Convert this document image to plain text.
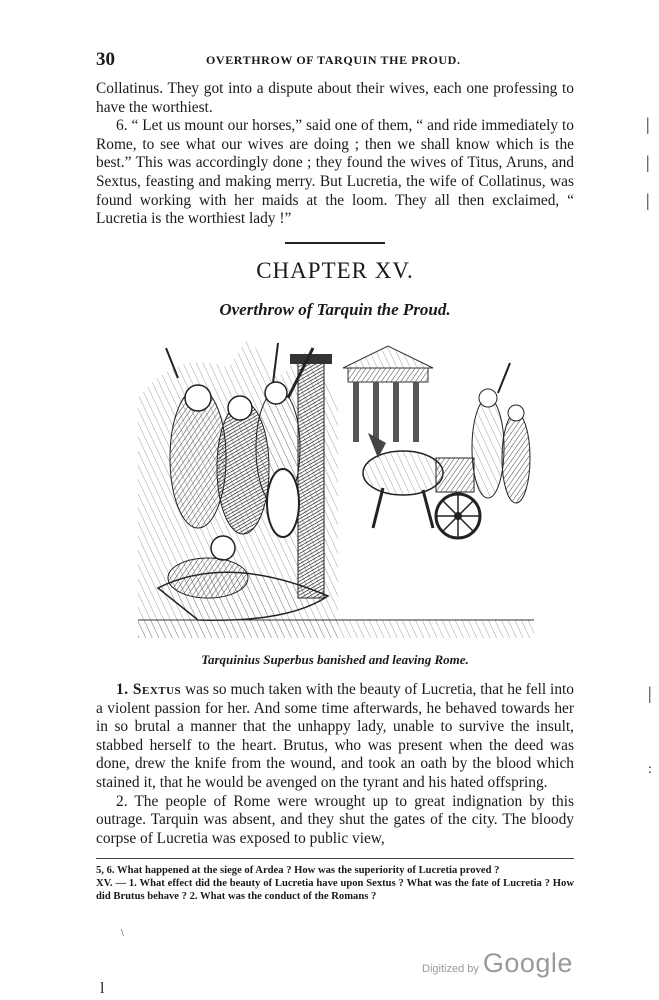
30	OVERTHROW OF TARQUIN THE PROUD.

Collatinus. They got into a dispute about their wives, each one professing to have the worthiest.

6. “ Let us mount our horses,” said one of them, “ and ride immediately to Rome, to see what our wives are doing ; then we shall know which is the best.” This was accordingly done ; they found the wives of Titus, Aruns, and Sextus, feasting and making merry. But Lucretia, the wife of Collatinus, was found working with her maids at the loom. They all then exclaimed, “ Lucretia is the worthiest lady !”

CHAPTER XV.
Overthrow of Tarquin the Proud.
Tarquinius Superbus banished and leaving Rome.

1. Sextus was so much taken with the beauty of Lucretia, that he fell into a violent passion for her. And some time afterwards, he behaved towards her in so brutal a manner that the unhappy lady, unable to survive the insult, stabbed herself to the heart. Brutus, who was present when the deed was done, drew the knife from the wound, and took an oath by the blood which stained it, that he would be avenged on the tyrant and his hated offspring.

2. The people of Rome were wrought up to great indignation by this outrage. Tarquin was absent, and they shut the gates of the city. The bloody corpse of Lucretia was exposed to public view,

5, 6. What happened at the siege of Ardea ? How was the superiority of Lucretia proved ?

XV. — 1. What effect did the beauty of Lucretia have upon Sextus ? What was the fate of Lucretia ? How did Brutus behave ? 2. What was the conduct of the Romans ?

|
|
|
|
:
\
l
Digitized by Google
